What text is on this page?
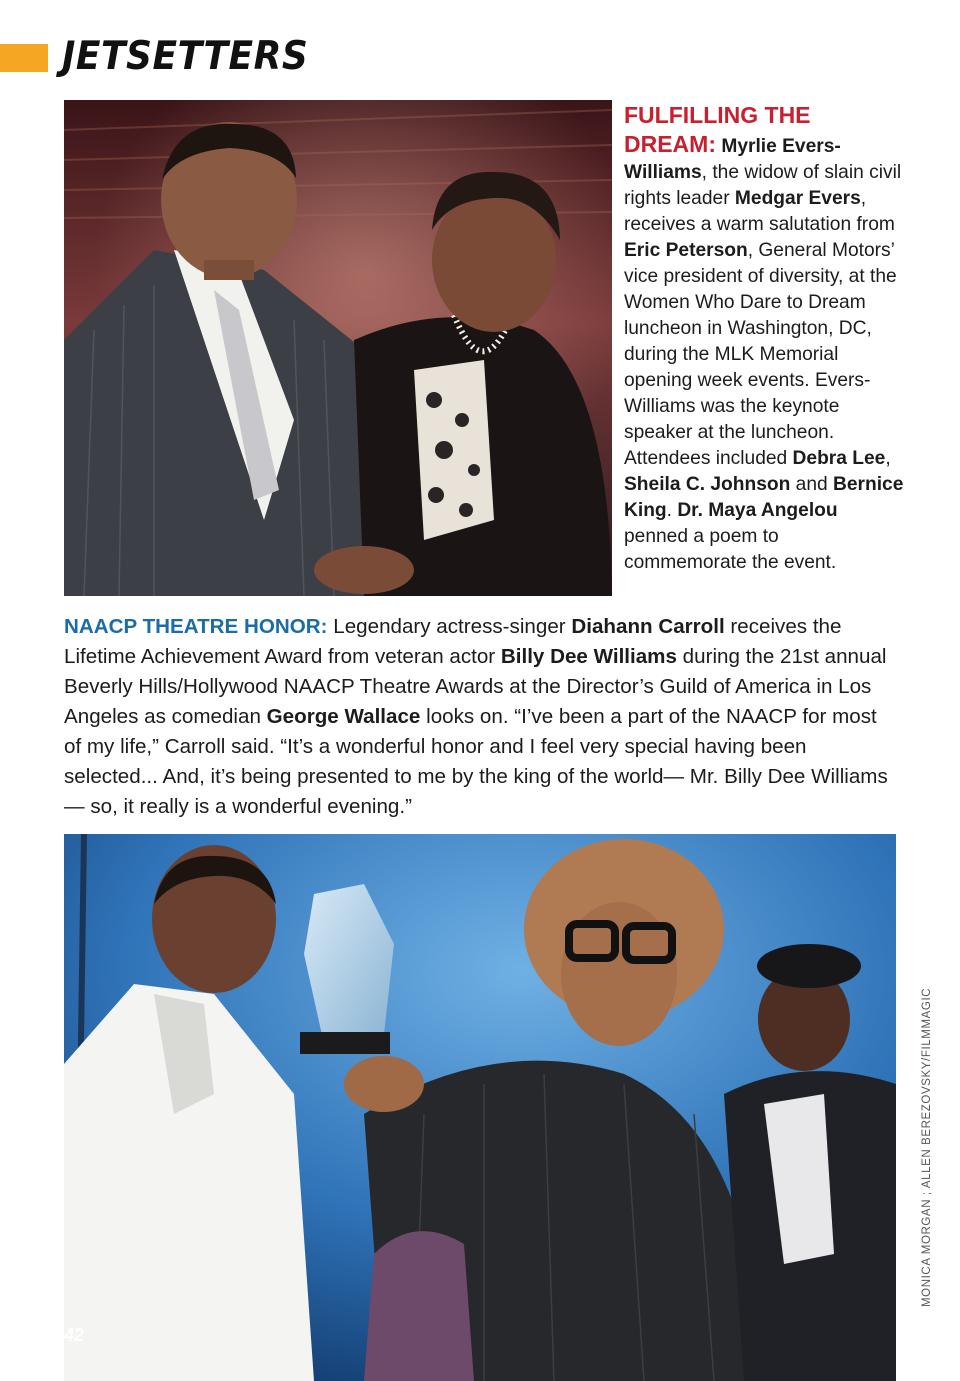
JETSETTERS

FULFILLING THE DREAM: Myrlie Evers-Williams, the widow of slain civil rights leader Medgar Evers, receives a warm salutation from Eric Peterson, General Motors’ vice president of diversity, at the Women Who Dare to Dream luncheon in Washington, DC, during the MLK Memorial opening week events. Evers-Williams was the keynote speaker at the luncheon. Attendees included Debra Lee, Sheila C. Johnson and Bernice King. Dr. Maya Angelou penned a poem to commemorate the event.

NAACP THEATRE HONOR: Legendary actress-singer Diahann Carroll receives the Lifetime Achievement Award from veteran actor Billy Dee Williams during the 21st annual Beverly Hills/Hollywood NAACP Theatre Awards at the Director’s Guild of America in Los Angeles as comedian George Wallace looks on. “I’ve been a part of the NAACP for most of my life,” Carroll said. “It’s a wonderful honor and I feel very special having been selected... And, it’s being presented to me by the king of the world— Mr. Billy Dee Williams— so, it really is a wonderful evening.”

42

MONICA MORGAN ; ALLEN BEREZOVSKY/FILMMAGIC
